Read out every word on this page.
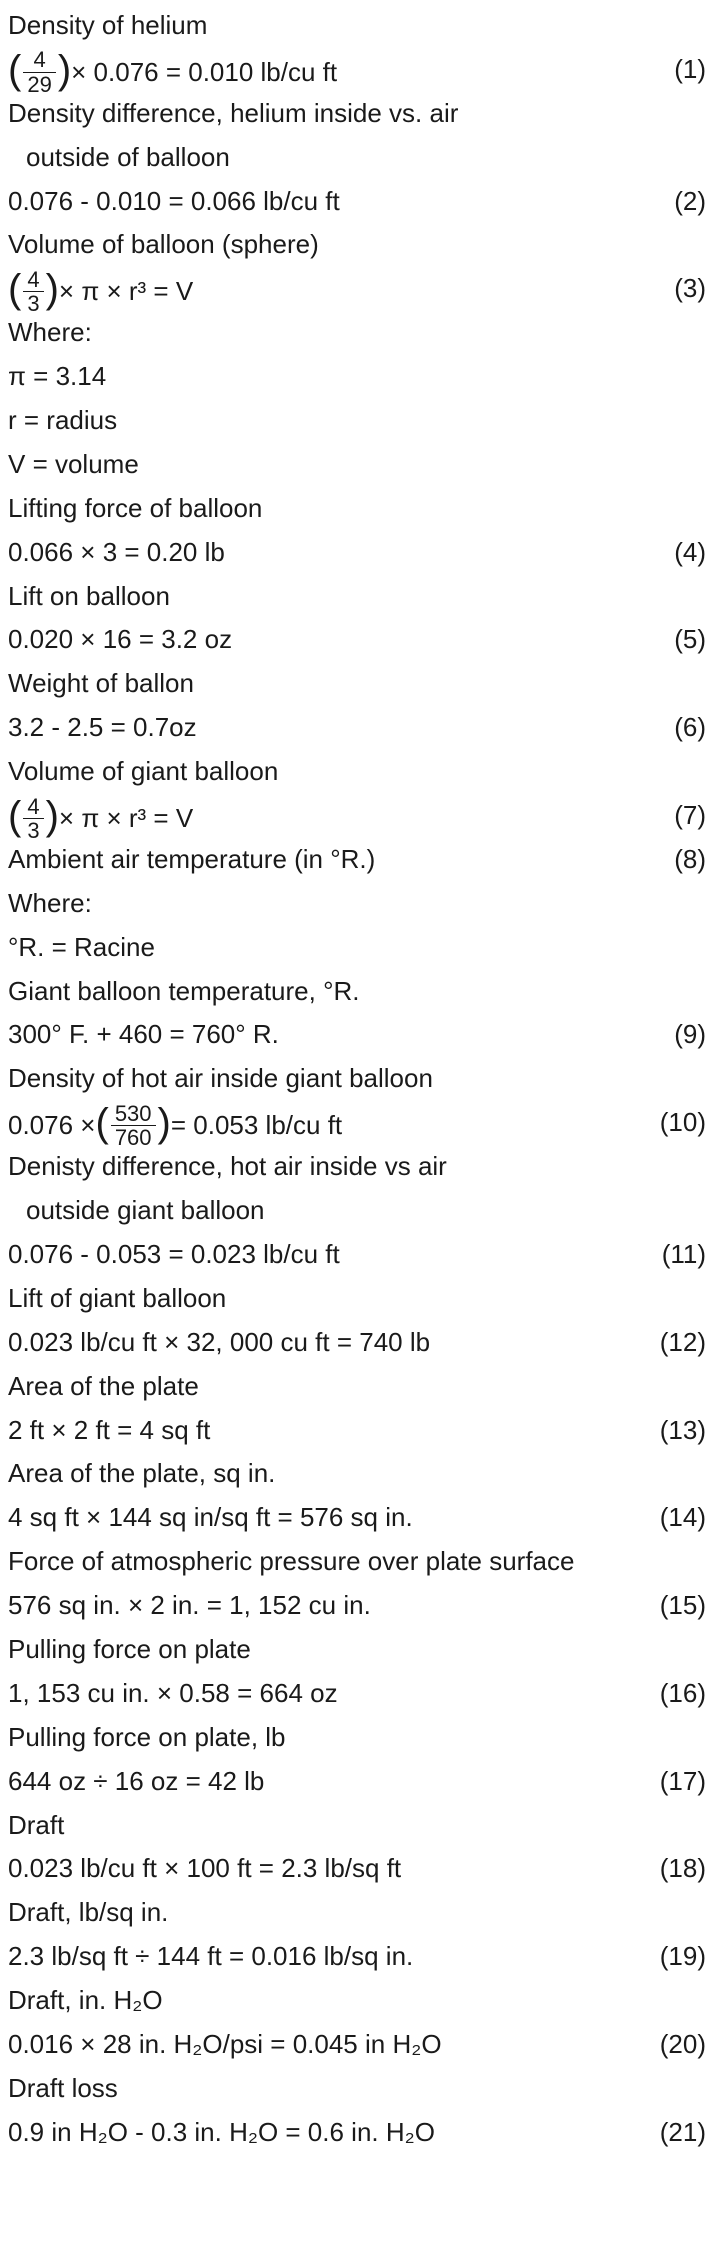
Density of helium
( $\frac{4}{29}$ )× 0.076 = 0.010 lb/cu ft	(1)
Density difference, helium inside vs. air
outside of balloon
0.076 - 0.010 = 0.066 lb/cu ft	(2)
Volume of balloon (sphere)
( $\frac{4}{3}$ )× π × r³ = V	(3)
Where:
π = 3.14
r = radius
V = volume
Lifting force of balloon
0.066 × 3 = 0.20 lb	(4)
Lift on balloon
0.020 × 16 = 3.2 oz	(5)
Weight of ballon
3.2 - 2.5 = 0.7oz	(6)
Volume of giant balloon
( $\frac{4}{3}$ )× π × r³ = V	(7)
Ambient air temperature (in °R.)	(8)
Where:
°R. = Racine
Giant balloon temperature, °R.
300° F. + 460 = 760° R.	(9)
Density of hot air inside giant balloon
0.076 ×( $\frac{530}{760}$ )= 0.053 lb/cu ft	(10)
Denisty difference, hot air inside vs air
outside giant balloon
0.076 - 0.053 = 0.023 lb/cu ft	(11)
Lift of giant balloon
0.023 lb/cu ft × 32, 000 cu ft = 740 lb	(12)
Area of the plate
2 ft × 2 ft = 4 sq ft	(13)
Area of the plate, sq in.
4 sq ft × 144 sq in/sq ft = 576 sq in.	(14)
Force of atmospheric pressure over plate surface
576 sq in. × 2 in. = 1, 152 cu in.	(15)
Pulling force on plate
1, 153 cu in. × 0.58 = 664 oz	(16)
Pulling force on plate, lb
644 oz ÷ 16 oz = 42 lb	(17)
Draft
0.023 lb/cu ft × 100 ft = 2.3 lb/sq ft	(18)
Draft, lb/sq in.
2.3 lb/sq ft ÷ 144 ft = 0.016 lb/sq in.	(19)
Draft, in. H₂O
0.016 × 28 in. H₂O/psi = 0.045 in H₂O	(20)
Draft loss
0.9 in H₂O - 0.3 in. H₂O = 0.6 in. H₂O	(21)
